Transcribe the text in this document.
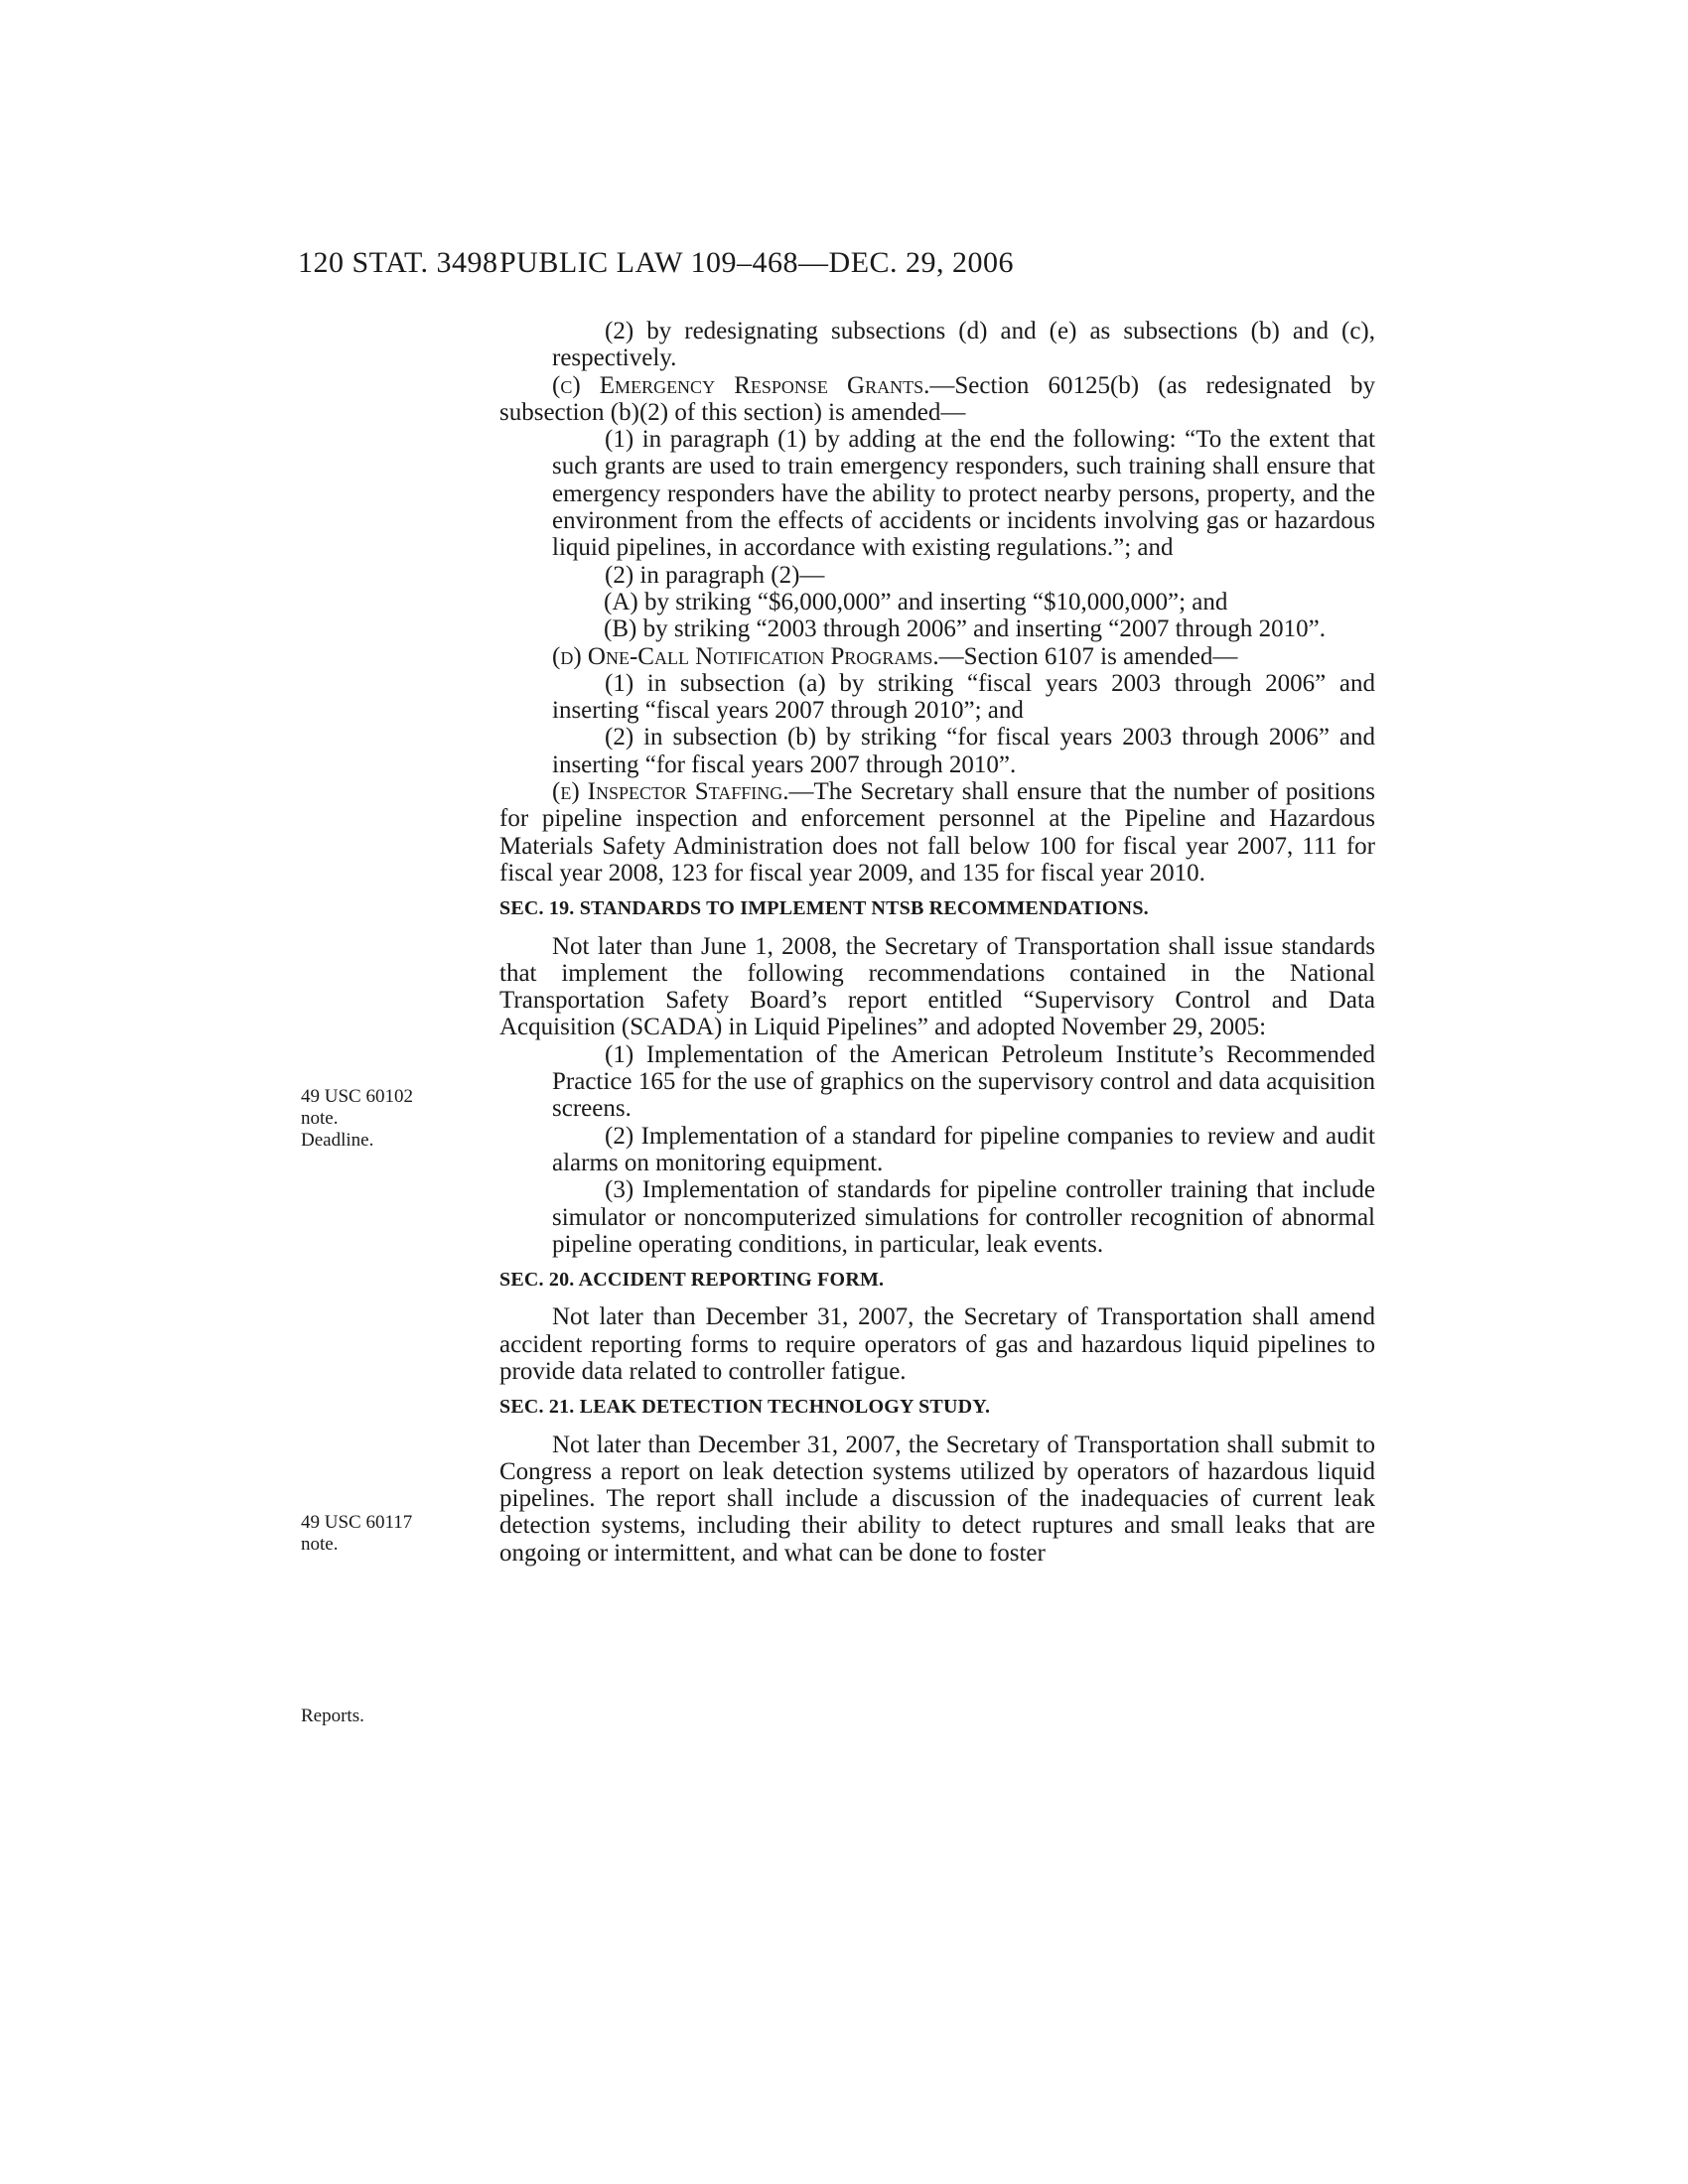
120 STAT. 3498 PUBLIC LAW 109–468—DEC. 29, 2006
49 USC 60102
note.
Deadline.
49 USC 60117
note.
Reports.

(2) by redesignating subsections (d) and (e) as subsections (b) and (c), respectively.

(c) Emergency Response Grants.—Section 60125(b) (as redesignated by subsection (b)(2) of this section) is amended—

(1) in paragraph (1) by adding at the end the following: “To the extent that such grants are used to train emergency responders, such training shall ensure that emergency responders have the ability to protect nearby persons, property, and the environment from the effects of accidents or incidents involving gas or hazardous liquid pipelines, in accordance with existing regulations.”; and

(2) in paragraph (2)—

(A) by striking “$6,000,000” and inserting “$10,000,000”; and

(B) by striking “2003 through 2006” and inserting “2007 through 2010”.

(d) One-Call Notification Programs.—Section 6107 is amended—

(1) in subsection (a) by striking “fiscal years 2003 through 2006” and inserting “fiscal years 2007 through 2010”; and

(2) in subsection (b) by striking “for fiscal years 2003 through 2006” and inserting “for fiscal years 2007 through 2010”.

(e) Inspector Staffing.—The Secretary shall ensure that the number of positions for pipeline inspection and enforcement personnel at the Pipeline and Hazardous Materials Safety Administration does not fall below 100 for fiscal year 2007, 111 for fiscal year 2008, 123 for fiscal year 2009, and 135 for fiscal year 2010.

SEC. 19. STANDARDS TO IMPLEMENT NTSB RECOMMENDATIONS.

Not later than June 1, 2008, the Secretary of Transportation shall issue standards that implement the following recommendations contained in the National Transportation Safety Board’s report entitled “Supervisory Control and Data Acquisition (SCADA) in Liquid Pipelines” and adopted November 29, 2005:

(1) Implementation of the American Petroleum Institute’s Recommended Practice 165 for the use of graphics on the supervisory control and data acquisition screens.

(2) Implementation of a standard for pipeline companies to review and audit alarms on monitoring equipment.

(3) Implementation of standards for pipeline controller training that include simulator or noncomputerized simulations for controller recognition of abnormal pipeline operating conditions, in particular, leak events.

SEC. 20. ACCIDENT REPORTING FORM.

Not later than December 31, 2007, the Secretary of Transportation shall amend accident reporting forms to require operators of gas and hazardous liquid pipelines to provide data related to controller fatigue.

SEC. 21. LEAK DETECTION TECHNOLOGY STUDY.

Not later than December 31, 2007, the Secretary of Transportation shall submit to Congress a report on leak detection systems utilized by operators of hazardous liquid pipelines. The report shall include a discussion of the inadequacies of current leak detection systems, including their ability to detect ruptures and small leaks that are ongoing or intermittent, and what can be done to foster
